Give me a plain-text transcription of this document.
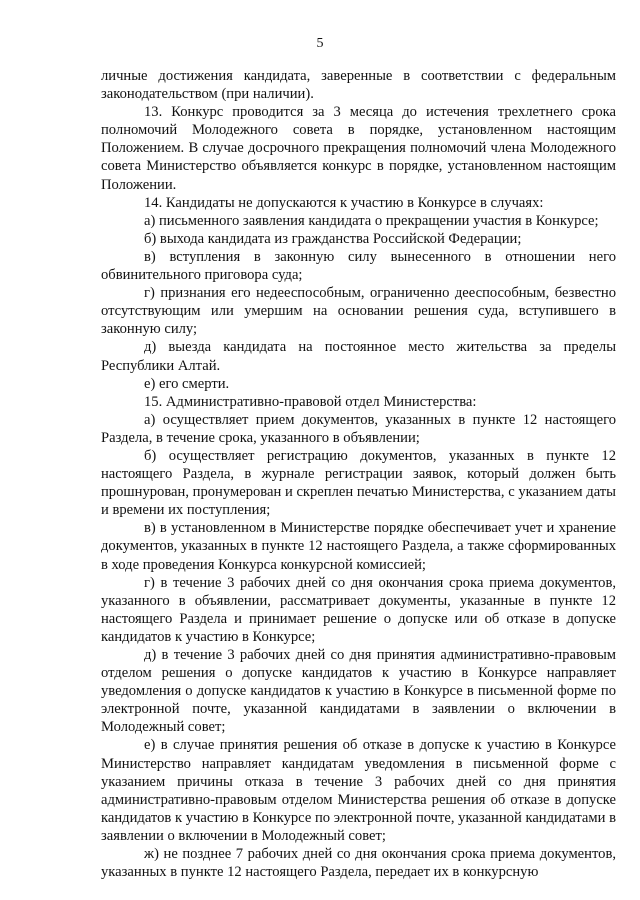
5

личные достижения кандидата, заверенные в соответствии с федеральным законодательством (при наличии).

13. Конкурс проводится за 3 месяца до истечения трехлетнего срока полномочий Молодежного совета в порядке, установленном настоящим Положением. В случае досрочного прекращения полномочий члена Молодежного совета Министерство объявляется конкурс в порядке, установленном настоящим Положении.

14. Кандидаты не допускаются к участию в Конкурсе в случаях:

а) письменного заявления кандидата о прекращении участия в Конкурсе;

б) выхода кандидата из гражданства Российской Федерации;

в) вступления в законную силу вынесенного в отношении него обвинительного приговора суда;

г) признания его недееспособным, ограниченно дееспособным, безвестно отсутствующим или умершим на основании решения суда, вступившего в законную силу;

д) выезда кандидата на постоянное место жительства за пределы Республики Алтай.

е) его смерти.

15. Административно-правовой отдел Министерства:

а) осуществляет прием документов, указанных в пункте 12 настоящего Раздела, в течение срока, указанного в объявлении;

б) осуществляет регистрацию документов, указанных в пункте 12 настоящего Раздела, в журнале регистрации заявок, который должен быть прошнурован, пронумерован и скреплен печатью Министерства, с указанием даты и времени их поступления;

в) в установленном в Министерстве порядке обеспечивает учет и хранение документов, указанных в пункте 12 настоящего Раздела, а также сформированных в ходе проведения Конкурса конкурсной комиссией;

г) в течение 3 рабочих дней со дня окончания срока приема документов, указанного в объявлении, рассматривает документы, указанные в пункте 12 настоящего Раздела и принимает решение о допуске или об отказе в допуске кандидатов к участию в Конкурсе;

д) в течение 3 рабочих дней со дня принятия административно-правовым отделом решения о допуске кандидатов к участию в Конкурсе направляет уведомления о допуске кандидатов к участию в Конкурсе в письменной форме по электронной почте, указанной кандидатами в заявлении о включении в Молодежный совет;

е) в случае принятия решения об отказе в допуске к участию в Конкурсе Министерство направляет кандидатам уведомления в письменной форме с указанием причины отказа в течение 3 рабочих дней со дня принятия административно-правовым отделом Министерства решения об отказе в допуске кандидатов к участию в Конкурсе по электронной почте, указанной кандидатами в заявлении о включении в Молодежный совет;

ж) не позднее 7 рабочих дней со дня окончания срока приема документов, указанных в пункте 12 настоящего Раздела, передает их в конкурсную
